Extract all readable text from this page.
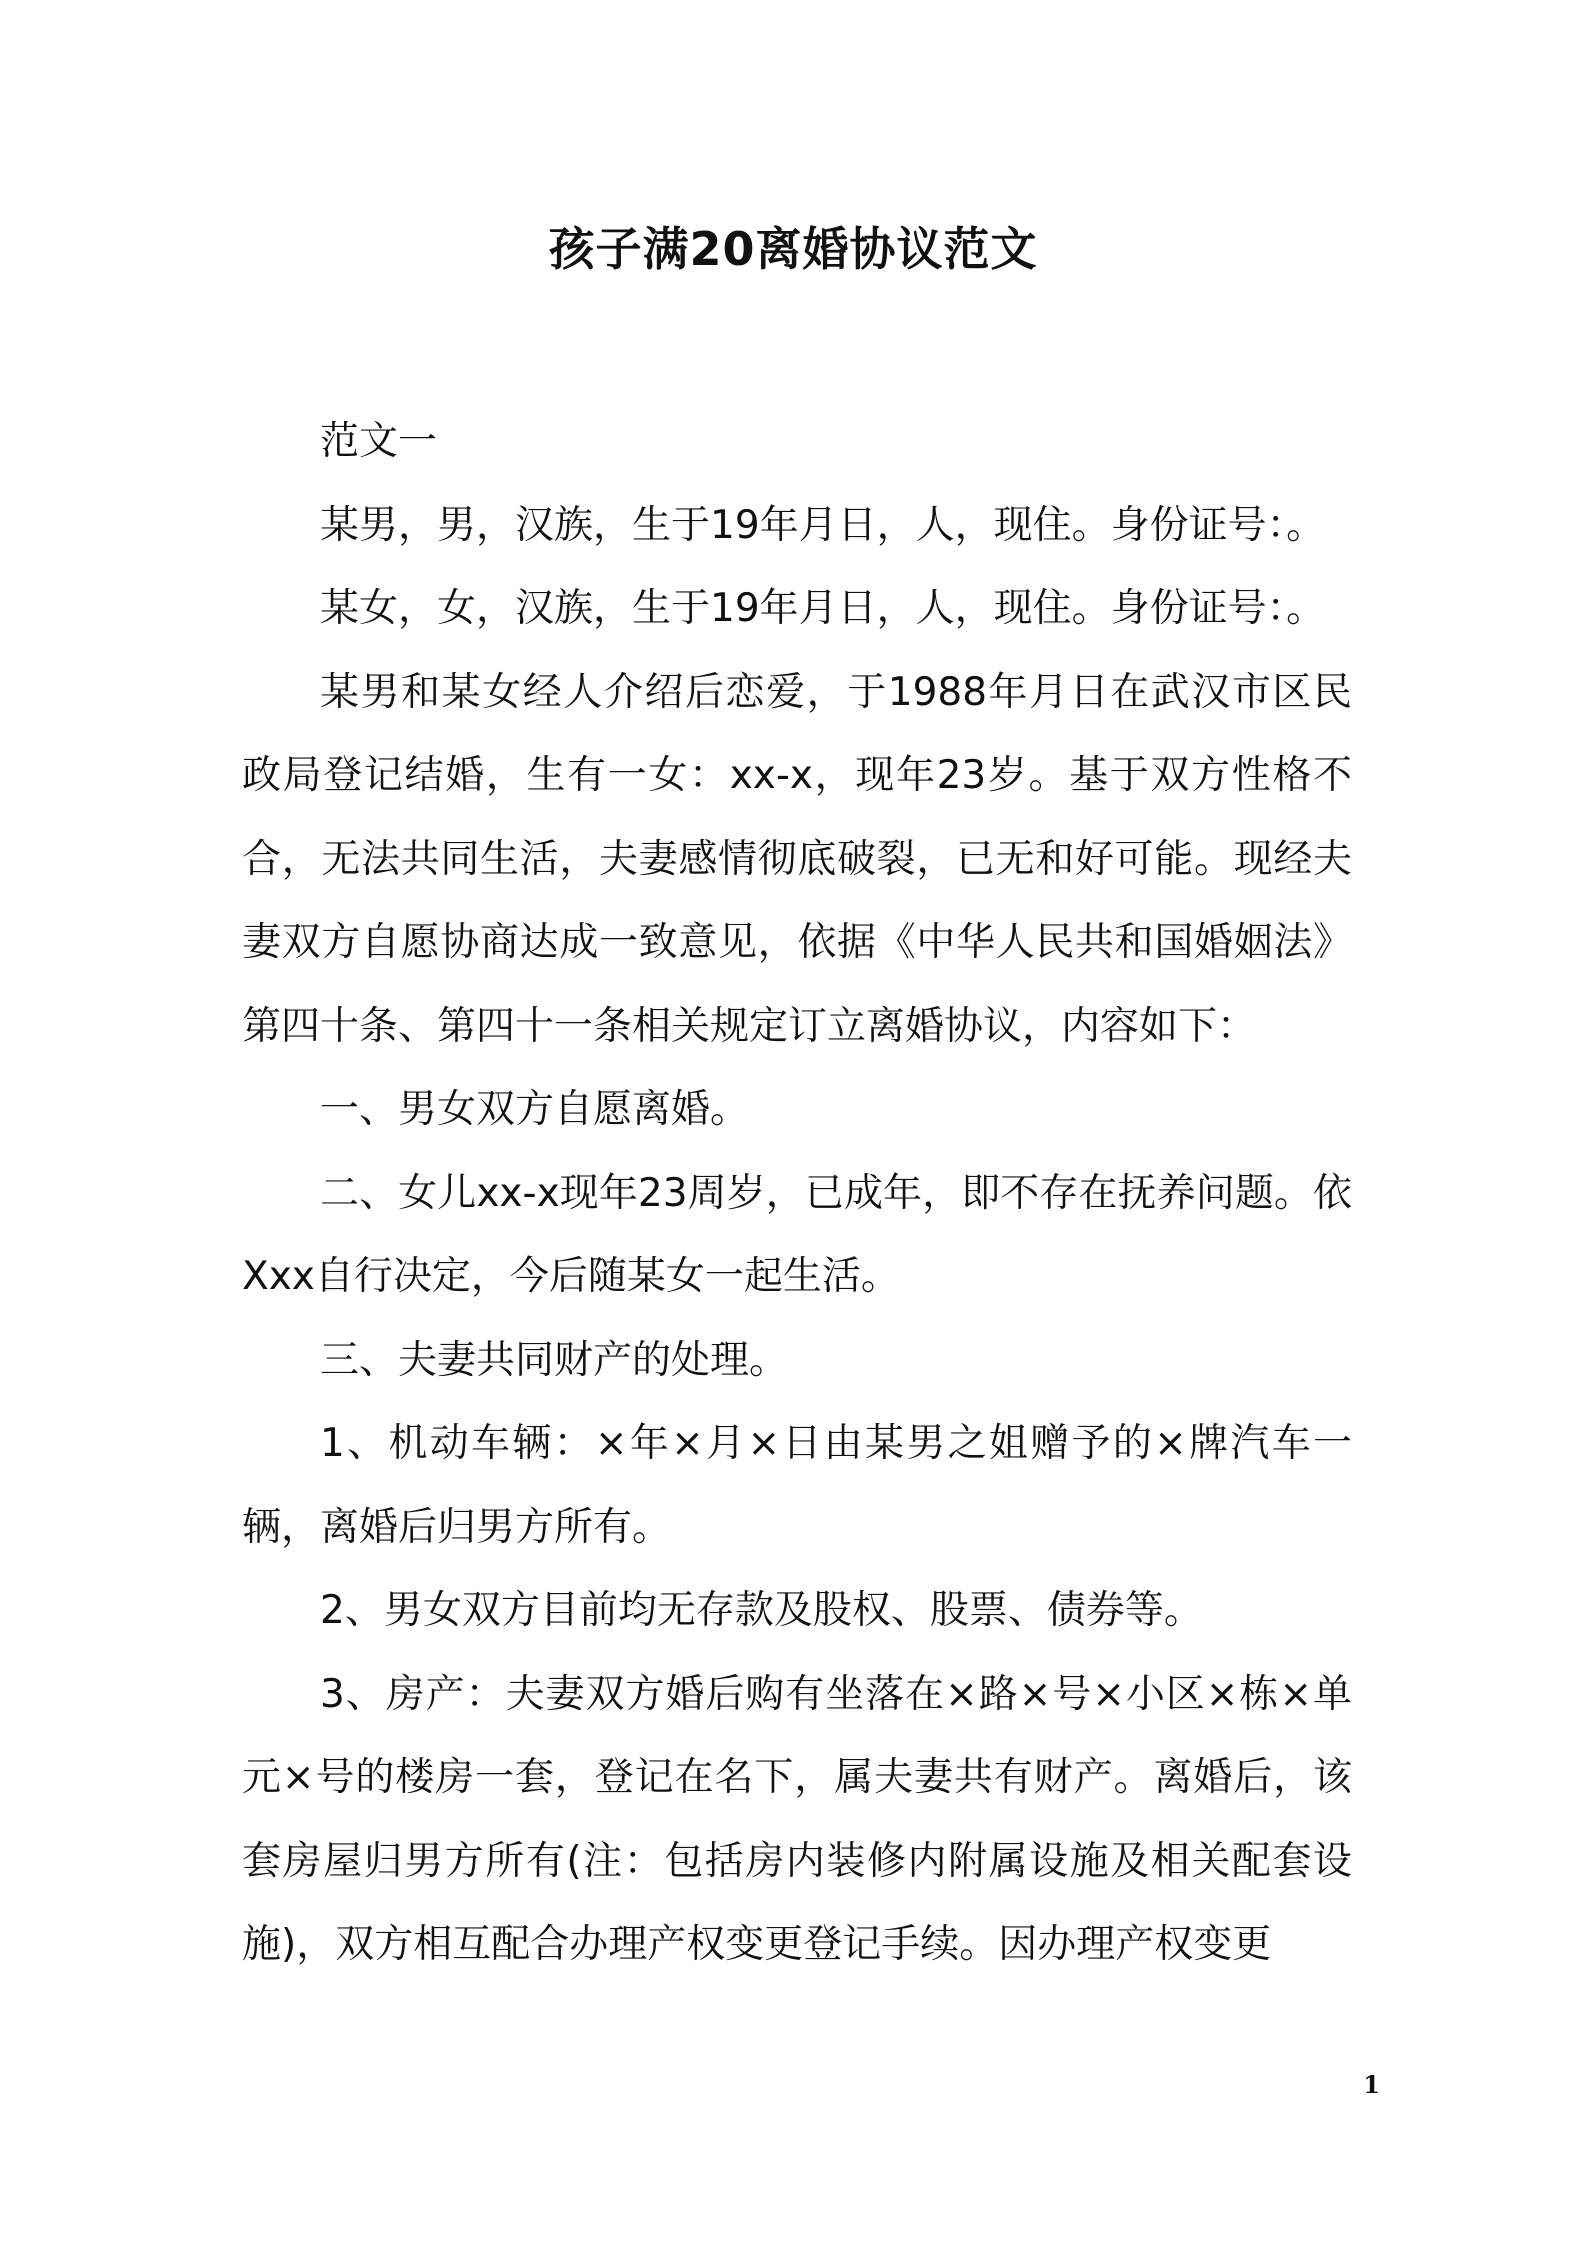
孩子满20离婚协议范文

范文一

某男，男，汉族，生于19年月日，人，现住。身份证号：。

某女，女，汉族，生于19年月日，人，现住。身份证号：。

某男和某女经人介绍后恋爱，于1988年月日在武汉市区民政局登记结婚，生有一女：xx-x，现年23岁。基于双方性格不合，无法共同生活，夫妻感情彻底破裂，已无和好可能。现经夫妻双方自愿协商达成一致意见，依据《中华人民共和国婚姻法》第四十条、第四十一条相关规定订立离婚协议，内容如下：

一、男女双方自愿离婚。

二、女儿xx-x现年23周岁，已成年，即不存在抚养问题。依Xxx自行决定，今后随某女一起生活。

三、夫妻共同财产的处理。

1、机动车辆：×年×月×日由某男之姐赠予的×牌汽车一辆，离婚后归男方所有。

2、男女双方目前均无存款及股权、股票、债券等。

3、房产：夫妻双方婚后购有坐落在×路×号×小区×栋×单元×号的楼房一套，登记在名下，属夫妻共有财产。离婚后，该套房屋归男方所有(注：包括房内装修内附属设施及相关配套设施)，双方相互配合办理产权变更登记手续。因办理产权变更

1
